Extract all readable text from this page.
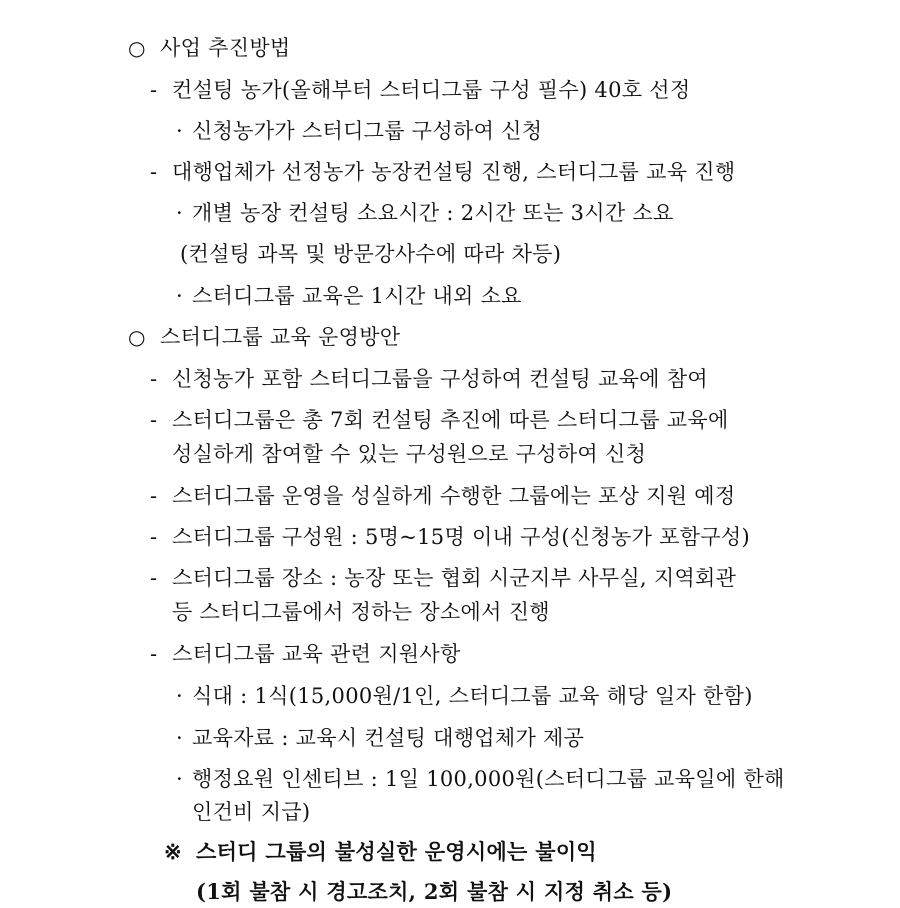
○ 사업 추진방법
- 컨설팅 농가(올해부터 스터디그룹 구성 필수) 40호 선정
· 신청농가가 스터디그룹 구성하여 신청
- 대행업체가 선정농가 농장컨설팅 진행, 스터디그룹 교육 진행
· 개별 농장 컨설팅 소요시간 : 2시간 또는 3시간 소요
(컨설팅 과목 및 방문강사수에 따라 차등)
· 스터디그룹 교육은 1시간 내외 소요
○ 스터디그룹 교육 운영방안
- 신청농가 포함 스터디그룹을 구성하여 컨설팅 교육에 참여
- 스터디그룹은 총 7회 컨설팅 추진에 따른 스터디그룹 교육에
성실하게 참여할 수 있는 구성원으로 구성하여 신청
- 스터디그룹 운영을 성실하게 수행한 그룹에는 포상 지원 예정
- 스터디그룹 구성원 : 5명~15명 이내 구성(신청농가 포함구성)
- 스터디그룹 장소 : 농장 또는 협회 시군지부 사무실, 지역회관
등 스터디그룹에서 정하는 장소에서 진행
- 스터디그룹 교육 관련 지원사항
· 식대 : 1식(15,000원/1인, 스터디그룹 교육 해당 일자 한함)
· 교육자료 : 교육시 컨설팅 대행업체가 제공
· 행정요원 인센티브 : 1일 100,000원(스터디그룹 교육일에 한해
인건비 지급)
※ 스터디 그룹의 불성실한 운영시에는 불이익
(1회 불참 시 경고조치, 2회 불참 시 지정 취소 등)
